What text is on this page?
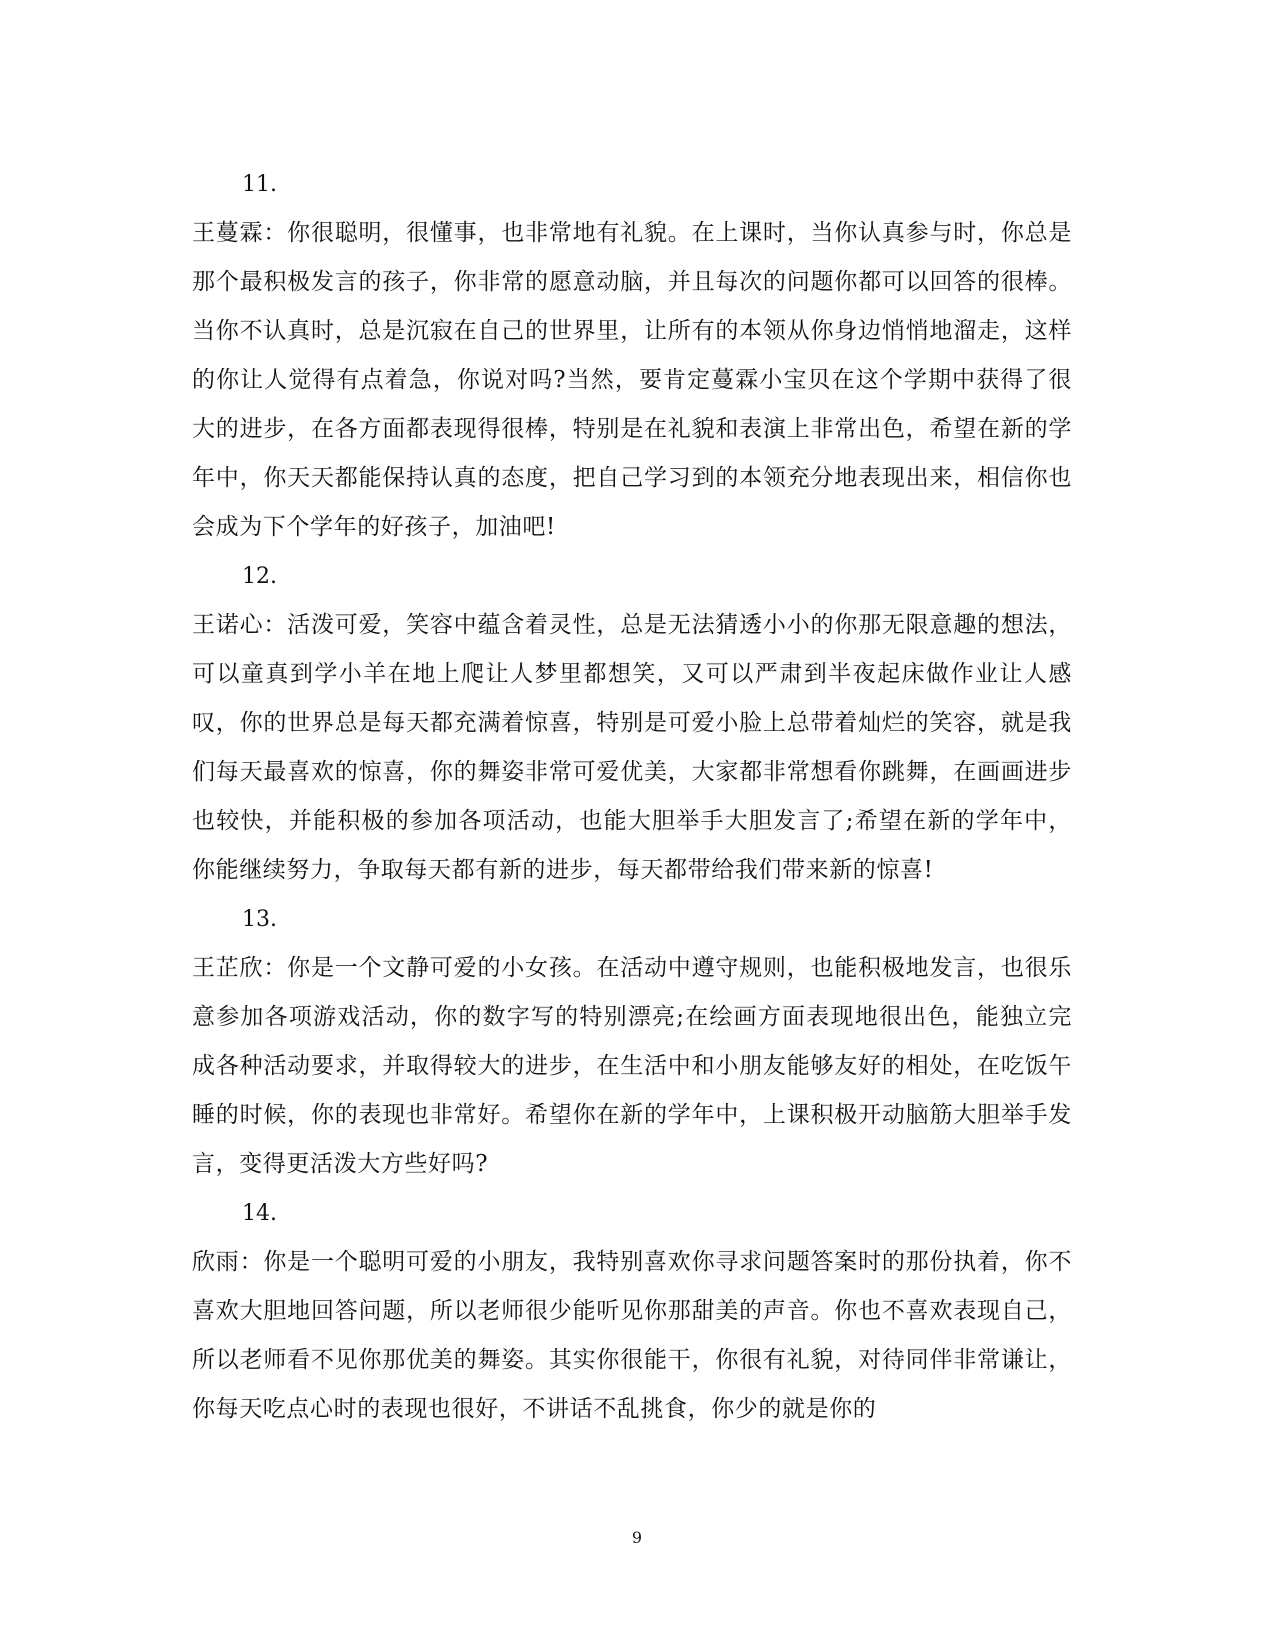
11.

王蔓霖：你很聪明，很懂事，也非常地有礼貌。在上课时，当你认真参与时，你总是那个最积极发言的孩子，你非常的愿意动脑，并且每次的问题你都可以回答的很棒。当你不认真时，总是沉寂在自己的世界里，让所有的本领从你身边悄悄地溜走，这样的你让人觉得有点着急，你说对吗?当然，要肯定蔓霖小宝贝在这个学期中获得了很大的进步，在各方面都表现得很棒，特别是在礼貌和表演上非常出色，希望在新的学年中，你天天都能保持认真的态度，把自己学习到的本领充分地表现出来，相信你也会成为下个学年的好孩子，加油吧!

12.

王诺心：活泼可爱，笑容中蕴含着灵性，总是无法猜透小小的你那无限意趣的想法，可以童真到学小羊在地上爬让人梦里都想笑，又可以严肃到半夜起床做作业让人感叹，你的世界总是每天都充满着惊喜，特别是可爱小脸上总带着灿烂的笑容，就是我们每天最喜欢的惊喜，你的舞姿非常可爱优美，大家都非常想看你跳舞，在画画进步也较快，并能积极的参加各项活动，也能大胆举手大胆发言了;希望在新的学年中，你能继续努力，争取每天都有新的进步，每天都带给我们带来新的惊喜!

13.

王芷欣：你是一个文静可爱的小女孩。在活动中遵守规则，也能积极地发言，也很乐意参加各项游戏活动，你的数字写的特别漂亮;在绘画方面表现地很出色，能独立完成各种活动要求，并取得较大的进步，在生活中和小朋友能够友好的相处，在吃饭午睡的时候，你的表现也非常好。希望你在新的学年中，上课积极开动脑筋大胆举手发言，变得更活泼大方些好吗?

14.

欣雨：你是一个聪明可爱的小朋友，我特别喜欢你寻求问题答案时的那份执着，你不喜欢大胆地回答问题，所以老师很少能听见你那甜美的声音。你也不喜欢表现自己，所以老师看不见你那优美的舞姿。其实你很能干，你很有礼貌，对待同伴非常谦让，你每天吃点心时的表现也很好，不讲话不乱挑食，你少的就是你的

9
